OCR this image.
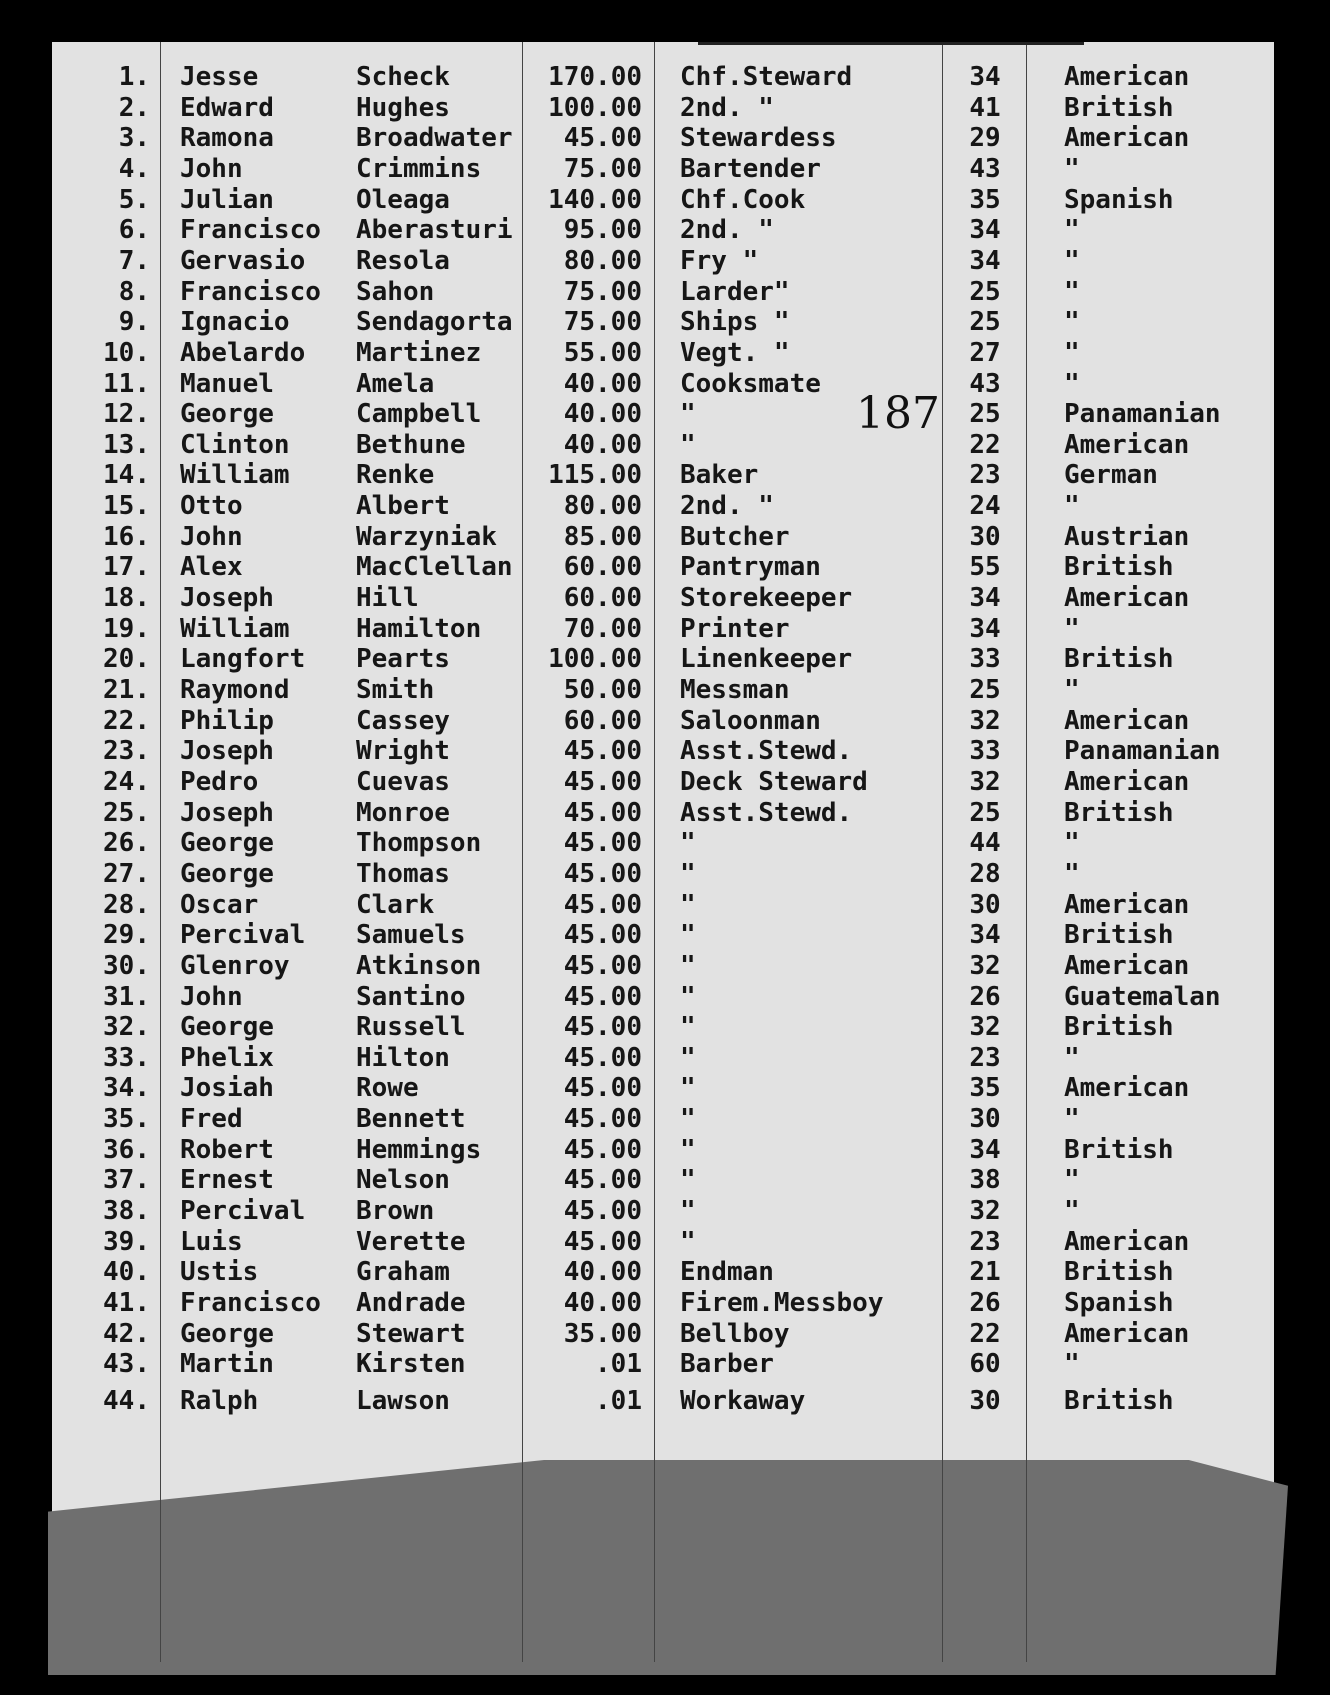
187
1. Jesse	Scheck	170.00 Chf.Steward	34	American
2. Edward	Hughes	100.00 2nd. "	41	British
3. Ramona	Broadwater	45.00 Stewardess	29	American
4. John	Crimmins	75.00 Bartender	43	"
5. Julian	Oleaga	140.00 Chf.Cook	35	Spanish
6. Francisco Aberasturi	95.00 2nd. "	34	"
7. Gervasio Resola	80.00 Fry "	34	"
8. Francisco Sahon	75.00 Larder"	25	"
9. Ignacio	Sendagorta	75.00 Ships "	25	"
10. Abelardo Martinez	55.00 Vegt. "	27	"
11. Manuel	Amela	40.00 Cooksmate	43	"
12. George	Campbell	40.00 "	25	Panamanian
13. Clinton	Bethune	40.00 "	22	American
14. William	Renke	115.00 Baker	23	German
15. Otto	Albert	80.00 2nd. "	24	"
16. John	Warzyniak	85.00 Butcher	30	Austrian
17. Alex	MacClellan	60.00 Pantryman	55	British
18. Joseph	Hill	60.00 Storekeeper	34	American
19. William	Hamilton	70.00 Printer	34	"
20. Langfort Pearts	100.00 Linenkeeper	33	British
21. Raymond	Smith	50.00 Messman	25	"
22. Philip	Cassey	60.00 Saloonman	32	American
23. Joseph	Wright	45.00 Asst.Stewd.	33	Panamanian
24. Pedro	Cuevas	45.00 Deck Steward	32	American
25. Joseph	Monroe	45.00 Asst.Stewd.	25	British
26. George	Thompson	45.00 "	44	"
27. George	Thomas	45.00 "	28	"
28. Oscar	Clark	45.00 "	30	American
29. Percival Samuels	45.00 "	34	British
30. Glenroy	Atkinson	45.00 "	32	American
31. John	Santino	45.00 "	26	Guatemalan
32. George	Russell	45.00 "	32	British
33. Phelix	Hilton	45.00 "	23	"
34. Josiah	Rowe	45.00 "	35	American
35. Fred	Bennett	45.00 "	30	"
36. Robert	Hemmings	45.00 "	34	British
37. Ernest	Nelson	45.00 "	38	"
38. Percival Brown	45.00 "	32	"
39. Luis	Verette	45.00 "	23	American
40. Ustis	Graham	40.00 Endman	21	British
41. Francisco Andrade	40.00 Firem.Messboy	26	Spanish
42. George	Stewart	35.00 Bellboy	22	American
43. Martin	Kirsten	.01 Barber	60	"
44. Ralph	Lawson	.01 Workaway	30	British
